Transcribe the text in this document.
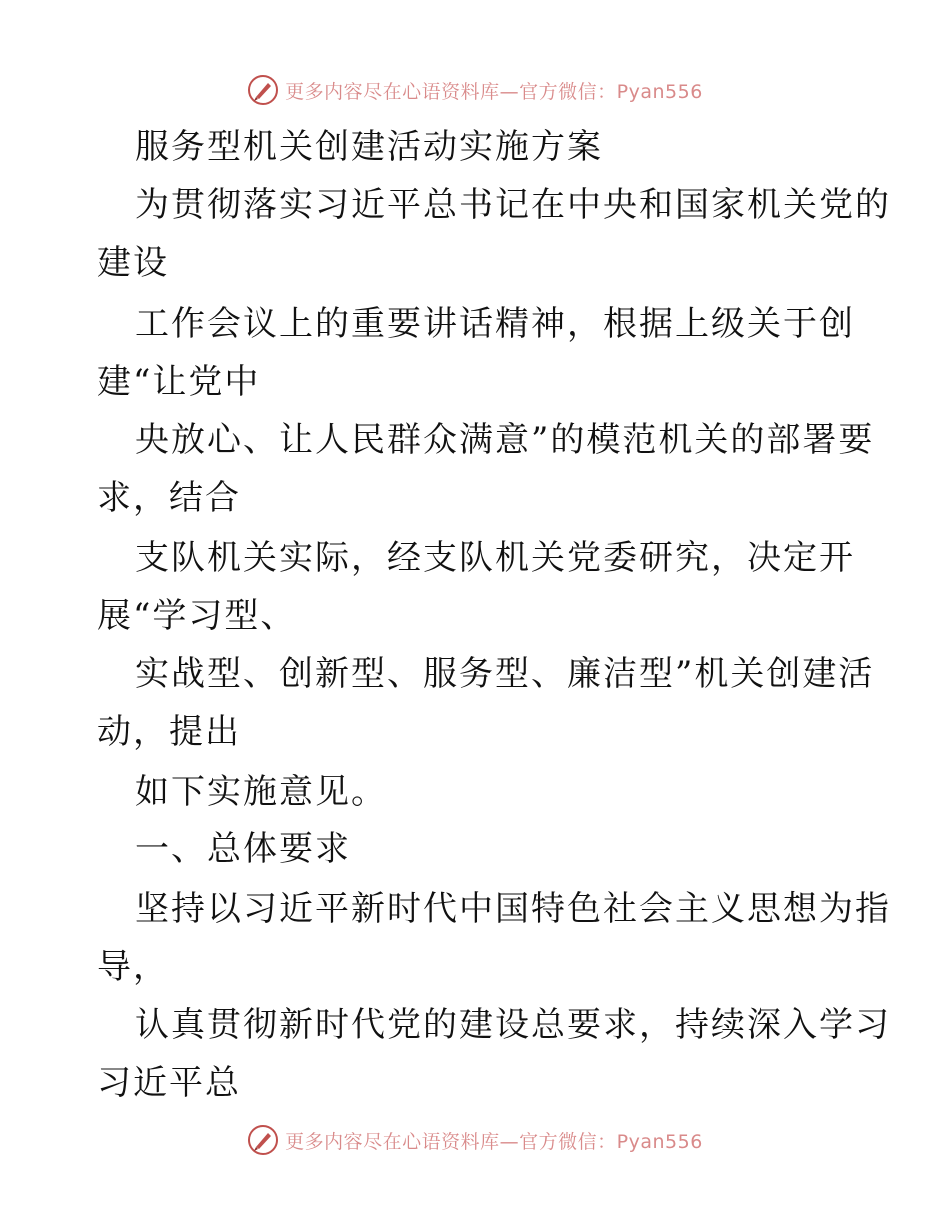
更多内容尽在心语资料库—官方微信：Pyan556
服务型机关创建活动实施方案
为贯彻落实习近平总书记在中央和国家机关党的
建设
工作会议上的重要讲话精神，根据上级关于创
建“让党中
央放心、让人民群众满意”的模范机关的部署要
求，结合
支队机关实际，经支队机关党委研究，决定开
展“学习型、
实战型、创新型、服务型、廉洁型”机关创建活
动，提出
如下实施意见。
一、总体要求
坚持以习近平新时代中国特色社会主义思想为指
导，
认真贯彻新时代党的建设总要求，持续深入学习
习近平总
更多内容尽在心语资料库—官方微信：Pyan556
